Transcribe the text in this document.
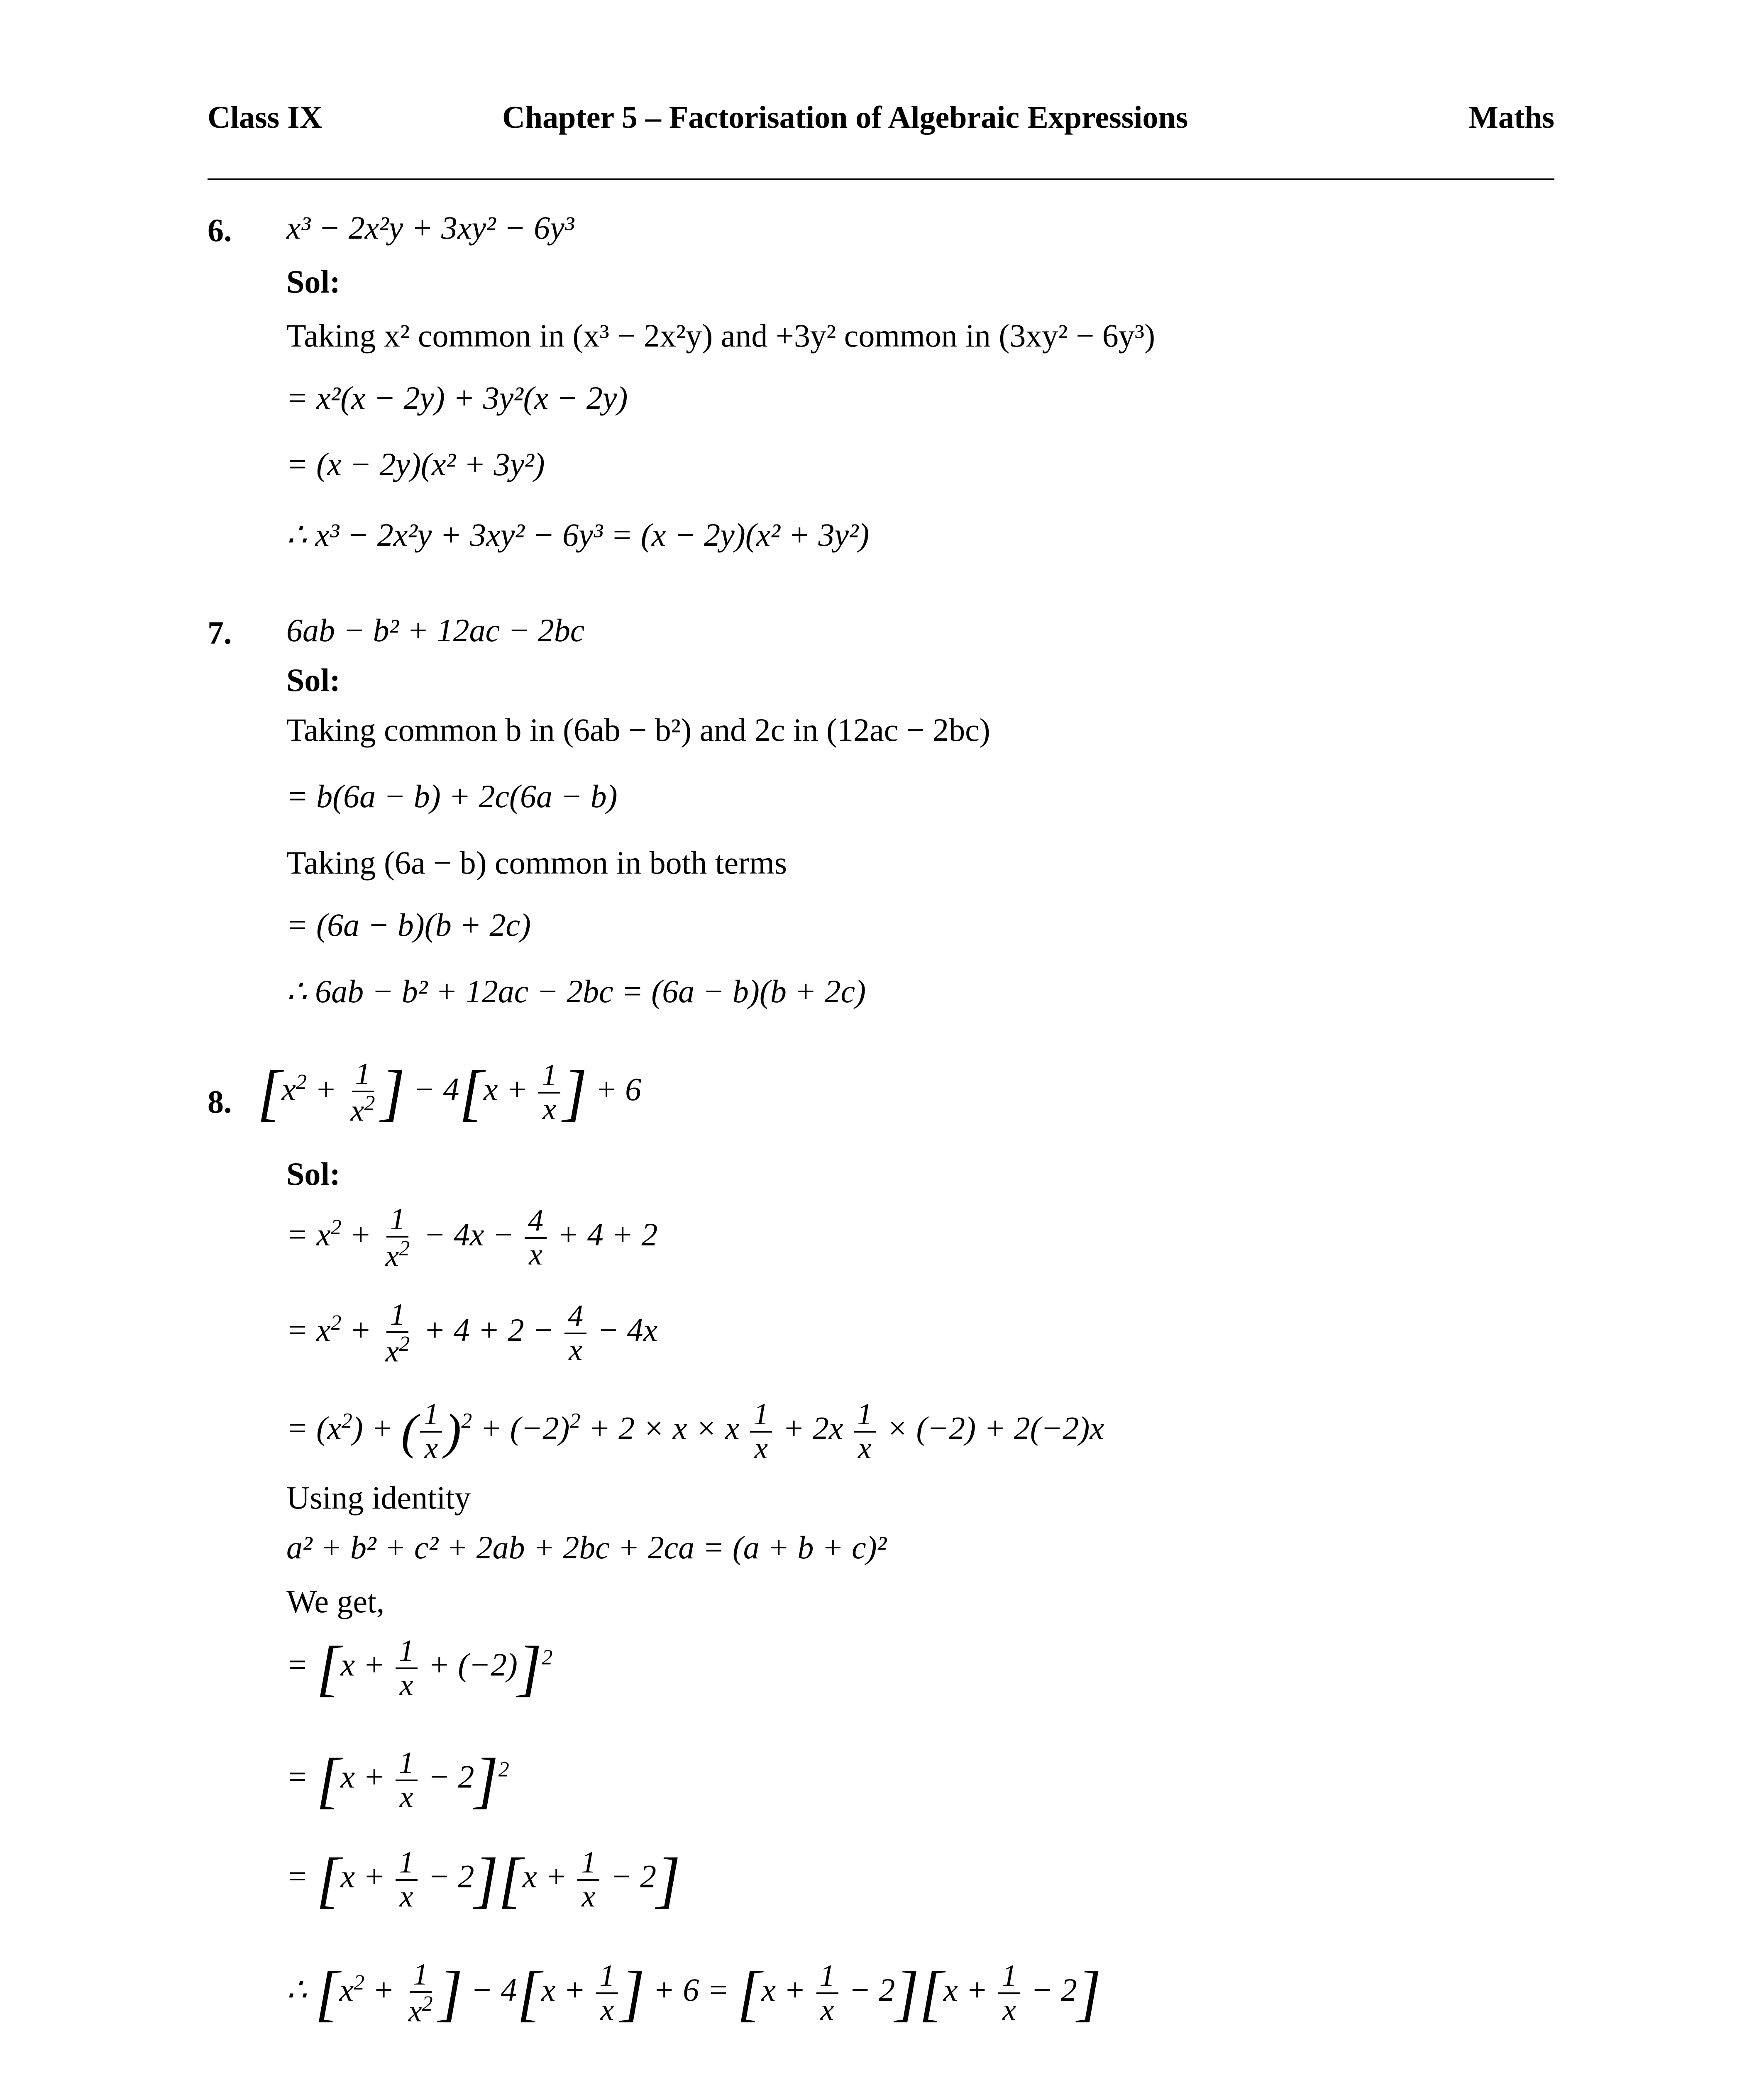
Class IX	Chapter 5 – Factorisation of Algebraic Expressions	Maths
6. x³ − 2x²y + 3xy² − 6y³
Sol:
Taking x² common in (x³ − 2x²y) and +3y² common in (3xy² − 6y³)
= x²(x − 2y) + 3y²(x − 2y)
= (x − 2y)(x² + 3y²)
∴ x³ − 2x²y + 3xy² − 6y³ = (x − 2y)(x² + 3y²)
7. 6ab − b² + 12ac − 2bc
Sol:
Taking common b in (6ab − b²) and 2c in (12ac − 2bc)
= b(6a − b) + 2c(6a − b)
Taking (6a − b) common in both terms
= (6a − b)(b + 2c)
∴ 6ab − b² + 12ac − 2bc = (6a − b)(b + 2c)
8. [$x^2 + \frac{1}{x^2}$ ] − $4[x + \frac{1}{x}$ ] + 6
Sol:
= $x^2 + \frac{1}{x^2} - 4x - \frac{4}{x} + 4 + 2$
= $x^2 + \frac{1}{x^2} + 4 + 2 - \frac{4}{x} - 4x$
= $(x^2)$ + ( $\frac{1}{x} )^2 + (-2)^2 + 2 \times x \times x \frac{1}{x} + 2x \frac{1}{x} \times (-2) + 2(-2)x$
Using identity
a² + b² + c² + 2ab + 2bc + 2ca = (a + b + c)²
We get,
= $[x + \frac{1}{x} + (-2)]^2$
= $[x + \frac{1}{x} - 2]^2$
= $[x + \frac{1}{x} - 2][x + \frac{1}{x} - 2]$
∴ [$x^2 + \frac{1}{x^2}$ ] − $4[x + \frac{1}{x}$ ] + $6 = [x + \frac{1}{x} - 2][x + \frac{1}{x} - 2]$
